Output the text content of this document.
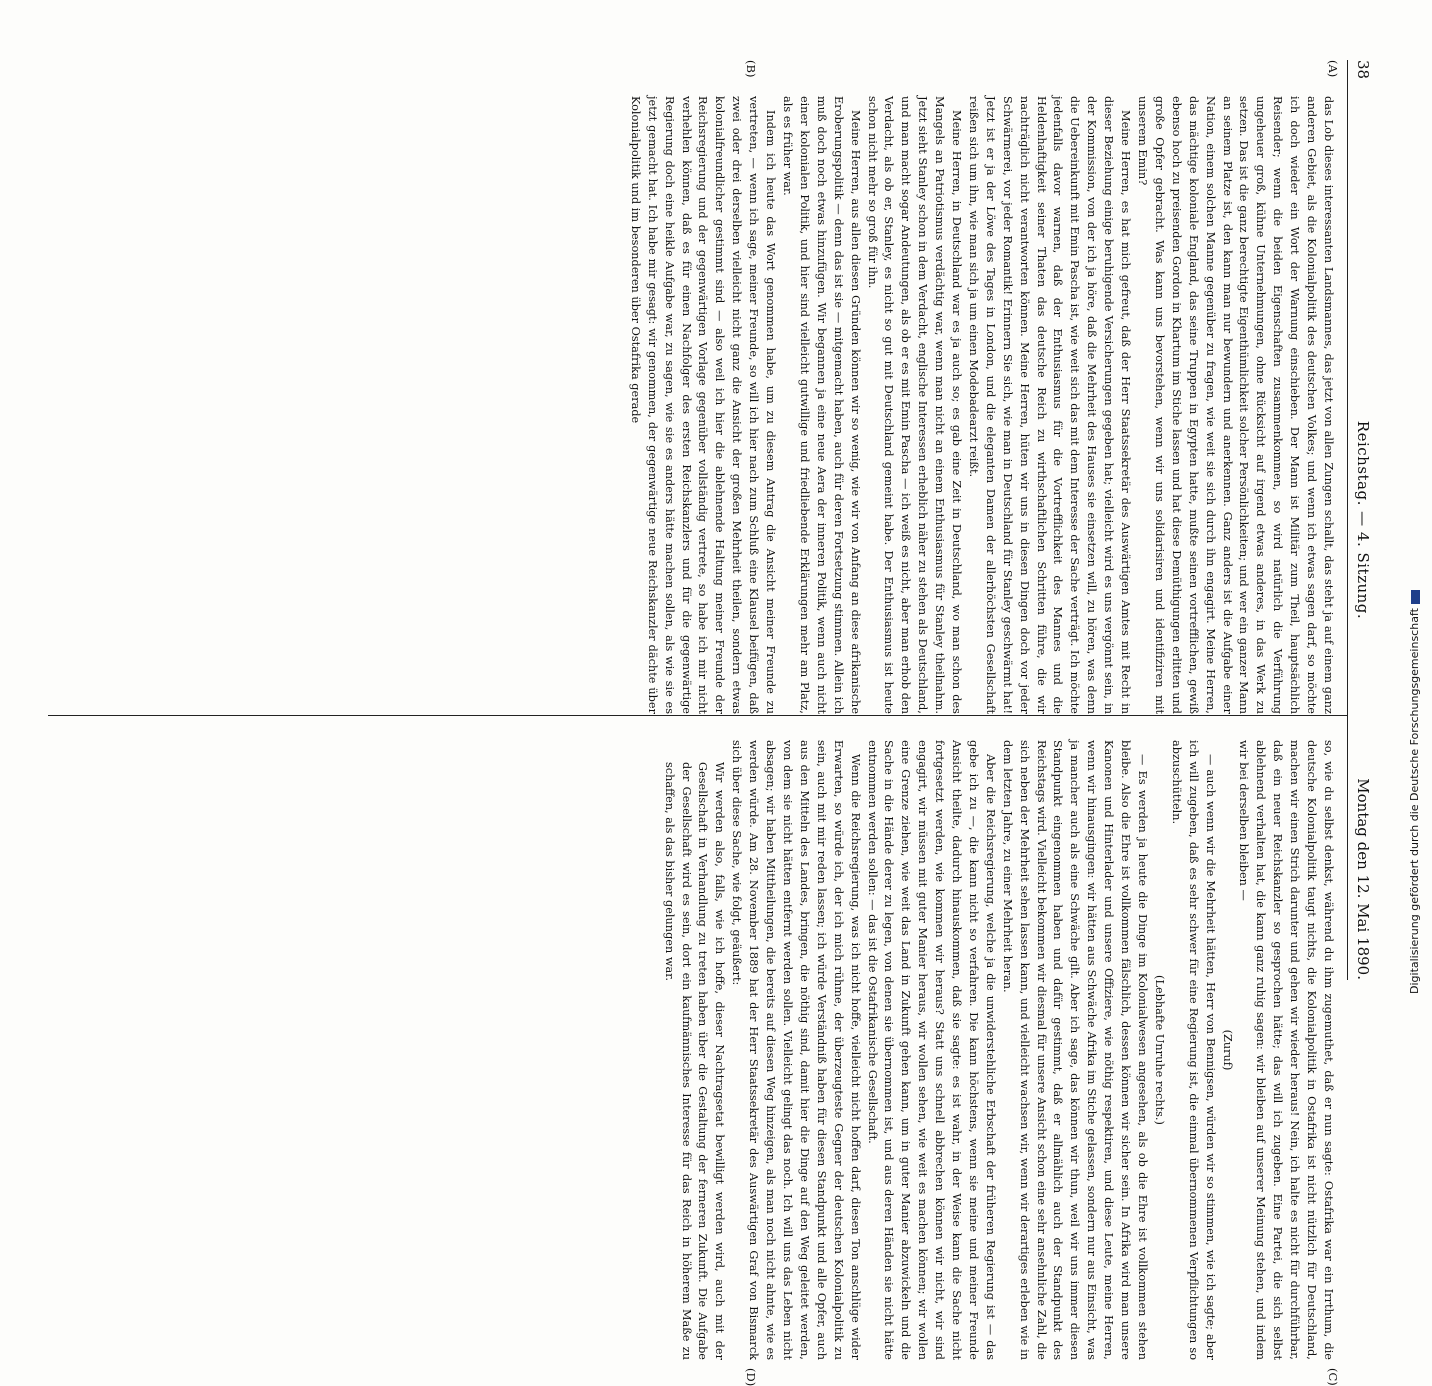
38
Reichstag. — 4. Sitzung.
Montag den 12. Mai 1890.
(A)
(B)
(C)
(D)

das Lob dieses interessanten Landsmannes, das jetzt von allen Zungen schallt, das steht ja auf einem ganz anderen Gebiet, als die Kolonialpolitik des deutschen Volkes; und wenn ich etwas sagen darf, so möchte ich doch wieder ein Wort der Warnung einschieben. Der Mann ist Militär zum Theil, hauptsächlich Reisender; wenn die beiden Eigenschaften zusammenkommen, so wird natürlich die Verführung ungeheuer groß, kühne Unternehmungen, ohne Rücksicht auf irgend etwas anderes, in das Werk zu setzen. Das ist die ganz berechtigte Eigenthümlichkeit solcher Persönlichkeiten; und wer ein ganzer Mann an seinem Platze ist, den kann man nur bewundern und anerkennen. Ganz anders ist die Aufgabe einer Nation, einem solchen Manne gegenüber zu fragen, wie weit sie sich durch ihn engagirt. Meine Herren, das mächtige koloniale England, das seine Truppen in Egypten hatte, mußte seinen vortrefflichen, gewiß ebenso hoch zu preisenden Gordon in Khartum im Stiche lassen und hat diese Demüthigungen erlitten und große Opfer gebracht. Was kann uns bevorstehen, wenn wir uns solidarisiren und identifiziren mit unserem Emin?

Meine Herren, es hat mich gefreut, daß der Herr Staatssekretär des Auswärtigen Amtes mit Recht in dieser Beziehung einige beruhigende Versicherungen gegeben hat; vielleicht wird es uns vergönnt sein, in der Kommission, von der ich ja höre, daß die Mehrheit des Hauses sie einsetzen will, zu hören, was denn die Uebereinkunft mit Emin Pascha ist, wie weit sich das mit dem Interesse der Sache verträgt. Ich möchte jedenfalls davor warnen, daß der Enthusiasmus für die Vortrefflichkeit des Mannes und die Heldenhaftigkeit seiner Thaten das deutsche Reich zu wirthschaftlichen Schritten führe, die wir nachträglich nicht verantworten können. Meine Herren, hüten wir uns in diesen Dingen doch vor jeder Schwärmerei, vor jeder Romantik! Erinnern Sie sich, wie man in Deutschland für Stanley geschwärmt hat! Jetzt ist er ja der Löwe des Tages in London, und die eleganten Damen der allerhöchsten Gesellschaft reißen sich um ihn, wie man sich ja um einen Modebadearzt reißt.

Meine Herren, in Deutschland war es ja auch so; es gab eine Zeit in Deutschland, wo man schon des Mangels an Patriotismus verdächtig war, wenn man nicht an einem Enthusiasmus für Stanley theilnahm. Jetzt sieht Stanley schon in dem Verdacht, englische Interessen erheblich näher zu stehen als Deutschland, und man macht sogar Andeutungen, als ob er es mit Emin Pascha — ich weiß es nicht, aber man erhob den Verdacht, als ob er, Stanley, es nicht so gut mit Deutschland gemeint habe. Der Enthusiasmus ist heute schon nicht mehr so groß für ihn.

Meine Herren, aus allen diesen Gründen können wir so wenig, wie wir von Anfang an diese afrikanische Eroberungspolitik — denn das ist sie — mitgemacht haben, auch für deren Fortsetzung stimmen. Allein ich muß doch noch etwas hinzufügen. Wir begannen ja eine neue Aera der inneren Politik, wenn auch nicht einer kolonialen Politik, und hier sind vielleicht gutwillige und friedliebende Erklärungen mehr am Platz, als es früher war.

Indem ich heute das Wort genommen habe, um zu diesem Antrag die Ansicht meiner Freunde zu vertreten, — wenn ich sage, meiner Freunde, so will ich hier nach zum Schluß eine Klausel beifügen, daß zwei oder drei derselben vielleicht nicht ganz die Ansicht der großen Mehrheit theilen, sondern etwas kolonialfreundlicher gestimmt sind — also weil ich hier die ablehnende Haltung meiner Freunde der Reichsregierung und der gegenwärtigen Vorlage gegenüber vollständig vertrete, so habe ich mir nicht verhehlen können, daß es für einen Nachfolger des ersten Reichskanzlers und für die gegenwärtige Regierung doch eine heikle Aufgabe war, zu sagen, wie sie es anders hätte machen sollen, als wie sie es jetzt gemacht hat. Ich habe mir gesagt: wir genommen, der gegenwärtige neue Reichskanzler dächte über Kolonialpolitik und im besonderen über Ostafrika gerade

so, wie du selbst denkst, während du ihm zugemuthet, daß er nun sagte: Ostafrika war ein Irrthum, die deutsche Kolonialpolitik taugt nichts, die Kolonialpolitik in Ostafrika ist nicht nützlich für Deutschland, machen wir einen Strich darunter und gehen wir wieder heraus! Nein, ich halte es nicht für durchführbar, daß ein neuer Reichskanzler so gesprochen hätte; das will ich zugeben. Eine Partei, die sich selbst ablehnend verhalten hat, die kann ganz ruhig sagen: wir bleiben auf unserer Meinung stehen, und indem wir bei derselben bleiben —

(Zuruf)

— auch wenn wir die Mehrheit hätten, Herr von Bennigsen, würden wir so stimmen, wie ich sagte; aber ich will zugeben, daß es sehr schwer für eine Regierung ist, die einmal übernommenen Verpflichtungen so abzuschütteln.

(Lebhafte Unruhe rechts.)

— Es werden ja heute die Dinge im Kolonialwesen angesehen, als ob die Ehre ist vollkommen stehen bleibe. Also die Ehre ist vollkommen fälschlich, dessen können wir sicher sein. In Afrika wird man unsere Kanonen und Hinterlader und unsere Offiziere, wie nöthig respektiren, und diese Leute, meine Herren, wenn wir hinausgingen: wir hätten aus Schwäche Afrika im Stiche gelassen, sondern nur aus Einsicht, was ja mancher auch als eine Schwäche gilt. Aber ich sage, das können wir thun, weil wir uns immer diesen Standpunkt eingenommen haben und dafür gestimmt, daß er allmählich auch der Standpunkt des Reichstags wird. Vielleicht bekommen wir diesmal für unsere Ansicht schon eine sehr ansehnliche Zahl, die sich neben der Mehrheit sehen lassen kann, und vielleicht wachsen wir, wenn wir derartiges erleben wie in dem letzten Jahre, zu einer Mehrheit heran.

Aber die Reichsregierung, welche ja die unwiderstehliche Erbschaft der früheren Regierung ist — das gebe ich zu —, die kann nicht so verfahren. Die kann höchstens, wenn sie meine und meiner Freunde Ansicht theilte, dadurch hinauskommen, daß sie sagte: es ist wahr, in der Weise kann die Sache nicht fortgesetzt werden, wie kommen wir heraus? Statt uns schnell abbrechen können wir nicht, wir sind engagirt, wir müssen mit guter Manier heraus, wir wollen sehen, wie weit es machen können; wir wollen eine Grenze ziehen, wie weit das Land in Zukunft gehen kann, um in guter Manier abzuwickeln und die Sache in die Hände derer zu legen, von denen sie übernommen ist, und aus deren Händen sie nicht hätte entnommen werden sollen: — das ist die Ostafrikanische Gesellschaft.

Wenn die Reichsregierung, was ich nicht hoffe, vielleicht nicht hoffen darf, diesen Ton anschlüge wider Erwarten, so würde ich, der ich mich rühme, der überzeugteste Gegner der deutschen Kolonialpolitik zu sein, auch mit mir reden lassen; ich würde Verständniß haben für diesen Standpunkt und alle Opfer, auch aus den Mitteln des Landes, bringen, die nöthig sind, damit hier die Dinge auf den Weg geleitet werden, von dem sie nicht hätten entfernt werden sollen. Vielleicht gelingt das noch. Ich will uns das Leben nicht absagen; wir haben Mittheilungen, die bereits auf diesen Weg hinzeigen, als man noch nicht ahnte, wie es werden würde. Am 28. November 1889 hat der Herr Staatssekretär des Auswärtigen Graf von Bismarck sich über diese Sache, wie folgt, geäußert:

Wir werden also, falls, wie ich hoffe, dieser Nachtragsetat bewilligt werden wird, auch mit der Gesellschaft in Verhandlung zu treten haben über die Gestaltung der ferneren Zukunft. Die Aufgabe der Gesellschaft wird es sein, dort ein kaufmännisches Interesse für das Reich in höherem Maße zu schaffen, als das bisher gelungen war.	Digitalisierung gefördert durch die Deutsche Forschungsgemeinschaft
